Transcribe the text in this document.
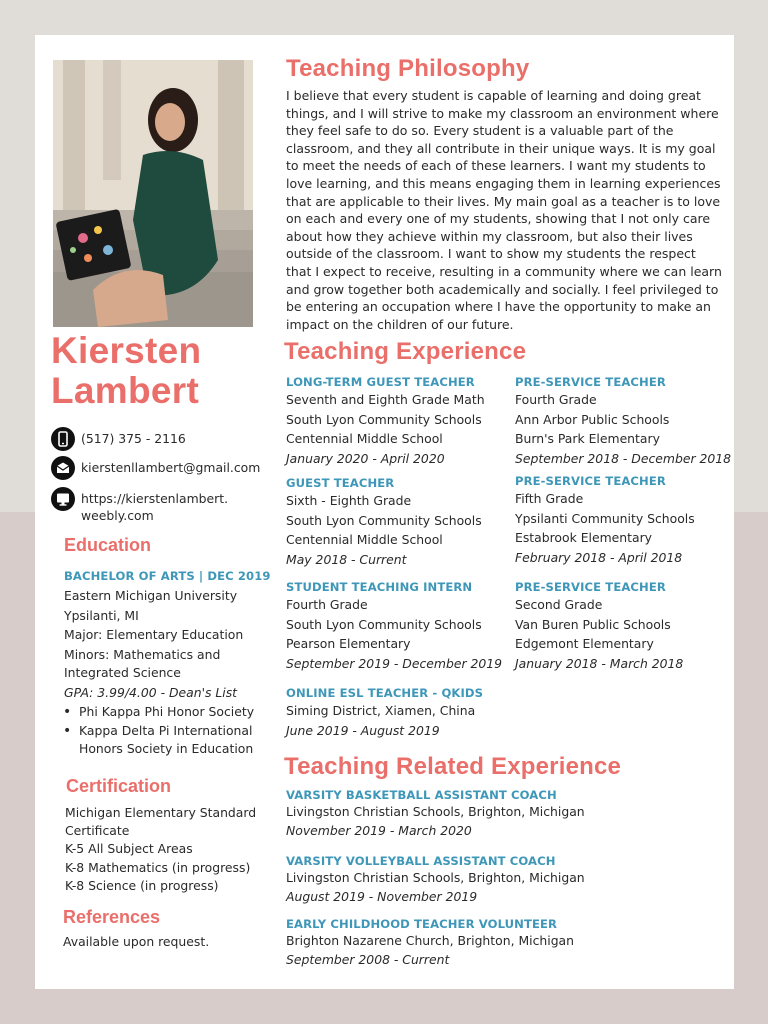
Kiersten
Lambert
(517) 375 - 2116
kierstenllambert@gmail.com
https://kierstenlambert.
weebly.com
Education
BACHELOR OF ARTS | DEC 2019
Eastern Michigan University
Ypsilanti, MI
Major: Elementary Education
Minors: Mathematics and
Integrated Science
GPA: 3.99/4.00 - Dean's List
• Phi Kappa Phi Honor Society
• Kappa Delta Pi International
Honors Society in Education
Certification
Michigan Elementary Standard
Certificate
K-5 All Subject Areas
K-8 Mathematics (in progress)
K-8 Science (in progress)
References
Available upon request.
Teaching Philosophy
I believe that every student is capable of learning and doing great things, and I will strive to make my classroom an environment where they feel safe to do so. Every student is a valuable part of the classroom, and they all contribute in their unique ways. It is my goal to meet the needs of each of these learners. I want my students to love learning, and this means engaging them in learning experiences that are applicable to their lives. My main goal as a teacher is to love on each and every one of my students, showing that I not only care about how they achieve within my classroom, but also their lives outside of the classroom. I want to show my students the respect that I expect to receive, resulting in a community where we can learn and grow together both academically and socially. I feel privileged to be entering an occupation where I have the opportunity to make an impact on the children of our future.
Teaching Experience
LONG-TERM GUEST TEACHER
Seventh and Eighth Grade Math
South Lyon Community Schools
Centennial Middle School
January 2020 - April 2020
GUEST TEACHER
Sixth - Eighth Grade
South Lyon Community Schools
Centennial Middle School
May 2018 - Current
STUDENT TEACHING INTERN
Fourth Grade
South Lyon Community Schools
Pearson Elementary
September 2019 - December 2019
ONLINE ESL TEACHER - QKIDS
Siming District, Xiamen, China
June 2019 - August 2019
PRE-SERVICE TEACHER
Fourth Grade
Ann Arbor Public Schools
Burn's Park Elementary
September 2018 - December 2018
PRE-SERVICE TEACHER
Fifth Grade
Ypsilanti Community Schools
Estabrook Elementary
February 2018 - April 2018
PRE-SERVICE TEACHER
Second Grade
Van Buren Public Schools
Edgemont Elementary
January 2018 - March 2018
Teaching Related Experience
VARSITY BASKETBALL ASSISTANT COACH
Livingston Christian Schools, Brighton, Michigan
November 2019 - March 2020
VARSITY VOLLEYBALL ASSISTANT COACH
Livingston Christian Schools, Brighton, Michigan
August 2019 - November 2019
EARLY CHILDHOOD TEACHER VOLUNTEER
Brighton Nazarene Church, Brighton, Michigan
September 2008 - Current
